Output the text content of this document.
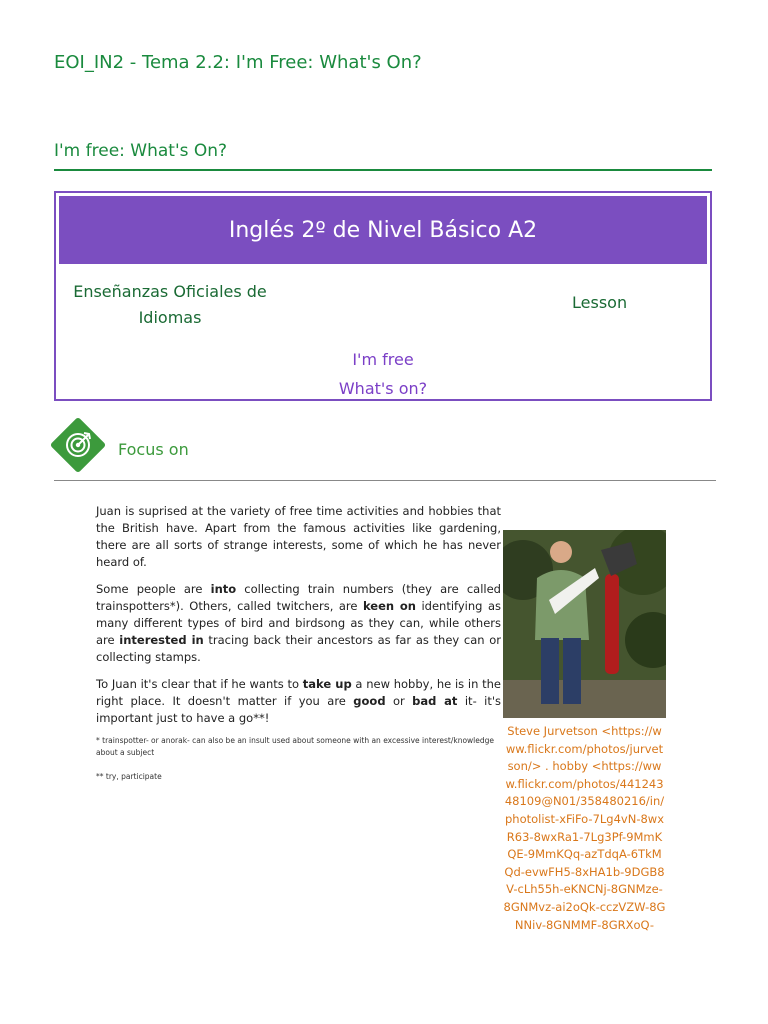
EOI_IN2 - Tema 2.2: I'm Free: What's On?
I'm free: What's On?
Inglés 2º de Nivel Básico A2
Enseñanzas Oficiales de Idiomas
Lesson
I'm free
What's on?
Focus on

Juan is suprised at the variety of free time activities and hobbies that the British have. Apart from the famous activities like gardening, there are all sorts of strange interests, some of which he has never heard of.

Some people are into collecting train numbers (they are called trainspotters*). Others, called twitchers, are keen on identifying as many different types of bird and birdsong as they can, while others are interested in tracing back their ancestors as far as they can or collecting stamps.

To Juan it's clear that if he wants to take up a new hobby, he is in the right place. It doesn't matter if you are good or bad at it- it's important just to have a go**!

* trainspotter- or anorak- can also be an insult used about someone with an excessive interest/knowledge about a subject

** try, participate

Steve Jurvetson <https://www.flickr.com/photos/jurvetson/> . hobby <https://www.flickr.com/photos/44124348109@N01/358480216/in/photolist-xFiFo-7Lg4vN-8wxR63-8wxRa1-7Lg3Pf-9MmKQE-9MmKQq-azTdqA-6TkMQd-evwFH5-8xHA1b-9DGB8V-cLh55h-eKNCNj-8GNMze-8GNMvz-ai2oQk-cczVZW-8GNNiv-8GNMMF-8GRXoQ-
